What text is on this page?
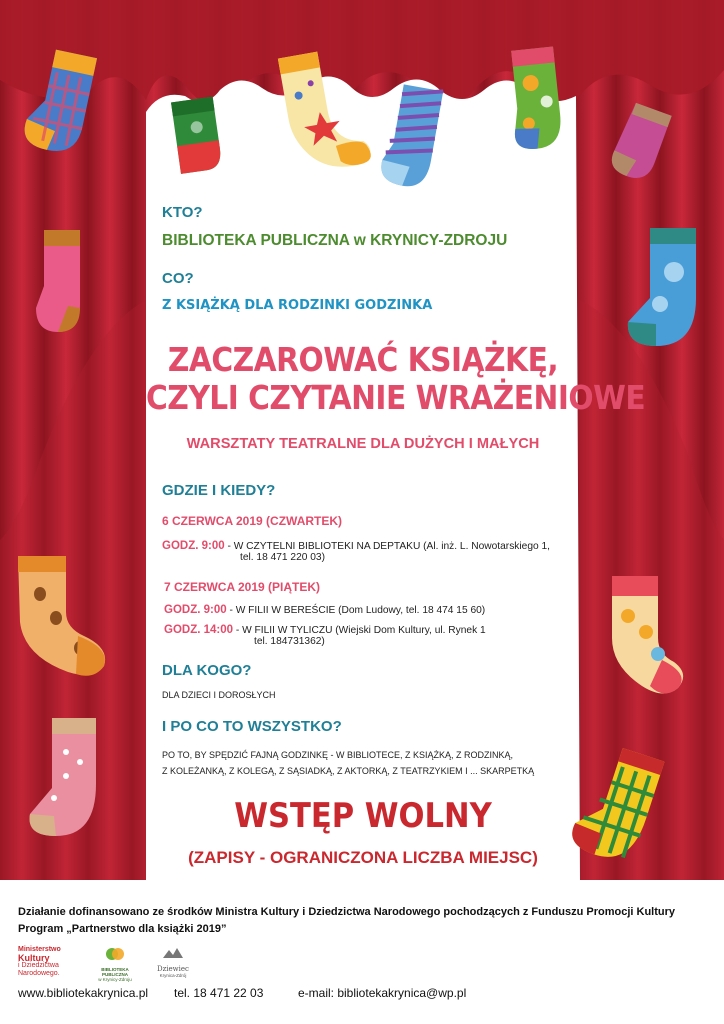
KTO?
BIBLIOTEKA PUBLICZNA w KRYNICY-ZDROJU
CO?
Z KSIĄŻKĄ DLA RODZINKI GODZINKA
ZACZAROWAĆ KSIĄŻKĘ,
CZYLI CZYTANIE WRAŻENIOWE
WARSZTATY TEATRALNE DLA DUŻYCH I MAŁYCH
GDZIE I KIEDY?
6 CZERWCA 2019 (CZWARTEK)
GODZ. 9:00 - W CZYTELNI BIBLIOTEKI NA DEPTAKU (Al. inż. L. Nowotarskiego 1,
tel. 18 471 220 03)
7 CZERWCA 2019 (PIĄTEK)
GODZ. 9:00 - W FILII W BEREŚCIE (Dom Ludowy, tel. 18 474 15 60)
GODZ. 14:00 - W FILII W TYLICZU (Wiejski Dom Kultury, ul. Rynek 1
tel. 184731362)
DLA KOGO?
DLA DZIECI I DOROSŁYCH
I PO CO TO WSZYSTKO?
PO TO, BY SPĘDZIĆ FAJNĄ GODZINKĘ - W BIBLIOTECE, Z KSIĄŻKĄ, Z RODZINKĄ,
Z KOLEŻANKĄ, Z KOLEGĄ, Z SĄSIADKĄ, Z AKTORKĄ, Z TEATRZYKIEM I ... SKARPETKĄ
WSTĘP WOLNY
(ZAPISY - OGRANICZONA LICZBA MIEJSC)
Działanie dofinansowano ze środków Ministra Kultury i Dziedzictwa Narodowego pochodzących z Funduszu Promocji Kultury
Program „Partnerstwo dla książki 2019”
Ministerstwo
Kultury
i Dziedzictwa
Narodowego.
BIBLIOTEKA PUBLICZNA
w Krynicy-Zdroju
Dziewiec
Krynica-Zdrój
www.bibliotekakrynica.pl tel. 18 471 22 03	e-mail: bibliotekakrynica@wp.pl
